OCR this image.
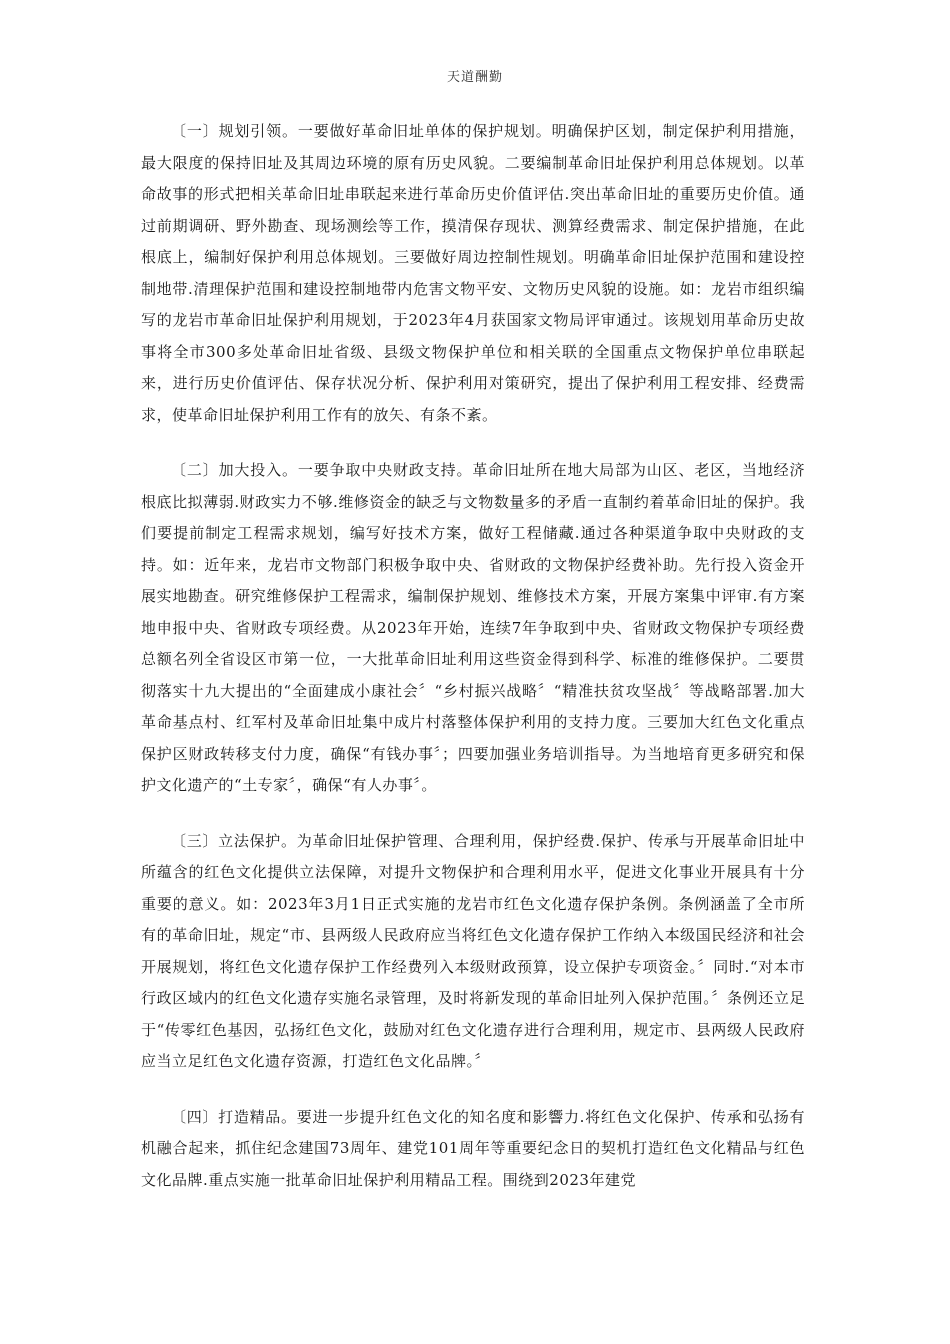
天道酬勤

〔一〕规划引领。一要做好革命旧址单体的保护规划。明确保护区划，制定保护利用措施，最大限度的保持旧址及其周边环境的原有历史风貌。二要编制革命旧址保护利用总体规划。以革命故事的形式把相关革命旧址串联起来进行革命历史价值评估.突出革命旧址的重要历史价值。通过前期调研、野外勘查、现场测绘等工作，摸清保存现状、测算经费需求、制定保护措施，在此根底上，编制好保护利用总体规划。三要做好周边控制性规划。明确革命旧址保护范围和建设控制地带.清理保护范围和建设控制地带内危害文物平安、文物历史风貌的设施。如：龙岩市组织编写的龙岩市革命旧址保护利用规划，于2023年4月获国家文物局评审通过。该规划用革命历史故事将全市300多处革命旧址省级、县级文物保护单位和相关联的全国重点文物保护单位串联起来，进行历史价值评估、保存状况分析、保护利用对策研究，提出了保护利用工程安排、经费需求，使革命旧址保护利用工作有的放矢、有条不紊。

〔二〕加大投入。一要争取中央财政支持。革命旧址所在地大局部为山区、老区，当地经济根底比拟薄弱.财政实力不够.维修资金的缺乏与文物数量多的矛盾一直制约着革命旧址的保护。我们要提前制定工程需求规划，编写好技术方案，做好工程储藏.通过各种渠道争取中央财政的支持。如：近年来，龙岩市文物部门积极争取中央、省财政的文物保护经费补助。先行投入资金开展实地勘查。研究维修保护工程需求，编制保护规划、维修技术方案，开展方案集中评审.有方案地申报中央、省财政专项经费。从2023年开始，连续7年争取到中央、省财政文物保护专项经费总额名列全省设区市第一位，一大批革命旧址利用这些资金得到科学、标准的维修保护。二要贯彻落实十九大提出的“全面建成小康社会〞“乡村振兴战略〞“精准扶贫攻坚战〞等战略部署.加大革命基点村、红军村及革命旧址集中成片村落整体保护利用的支持力度。三要加大红色文化重点保护区财政转移支付力度，确保“有钱办事〞；四要加强业务培训指导。为当地培育更多研究和保护文化遗产的“土专家〞，确保“有人办事〞。

〔三〕立法保护。为革命旧址保护管理、合理利用，保护经费.保护、传承与开展革命旧址中所蕴含的红色文化提供立法保障，对提升文物保护和合理利用水平，促进文化事业开展具有十分重要的意义。如：2023年3月1日正式实施的龙岩市红色文化遗存保护条例。条例涵盖了全市所有的革命旧址，规定“市、县两级人民政府应当将红色文化遗存保护工作纳入本级国民经济和社会开展规划，将红色文化遗存保护工作经费列入本级财政预算，设立保护专项资金。〞同时.“对本市行政区域内的红色文化遗存实施名录管理，及时将新发现的革命旧址列入保护范围。〞条例还立足于“传零红色基因，弘扬红色文化，鼓励对红色文化遗存进行合理利用，规定市、县两级人民政府应当立足红色文化遗存资源，打造红色文化品牌。〞

〔四〕打造精品。要进一步提升红色文化的知名度和影響力.将红色文化保护、传承和弘扬有机融合起来，抓住纪念建国73周年、建党101周年等重要纪念日的契机打造红色文化精品与红色文化品牌.重点实施一批革命旧址保护利用精品工程。围绕到2023年建党
